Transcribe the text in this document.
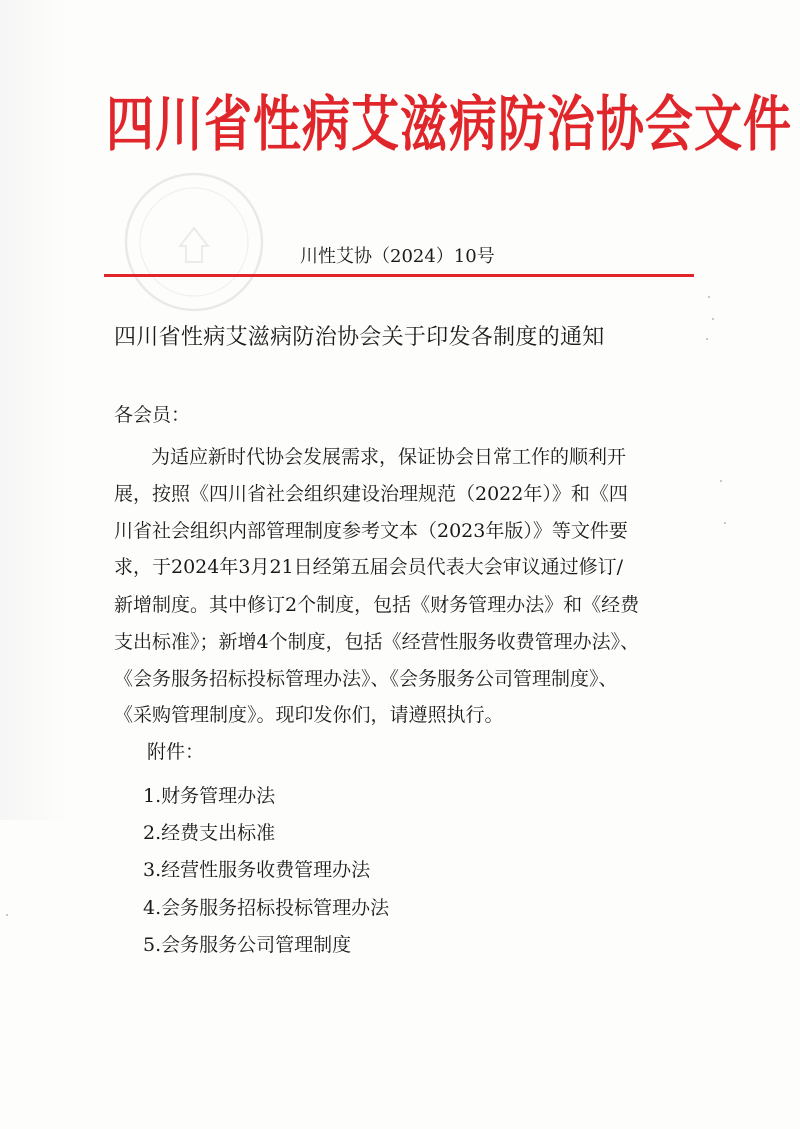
四川省性病艾滋病防治协会文件
川性艾协（2024）10号
四川省性病艾滋病防治协会关于印发各制度的通知
各会员：
为适应新时代协会发展需求，保证协会日常工作的顺利开
展，按照《四川省社会组织建设治理规范（2022年）》和《四
川省社会组织内部管理制度参考文本（2023年版）》等文件要
求，于2024年3月21日经第五届会员代表大会审议通过修订/
新增制度。其中修订2个制度，包括《财务管理办法》和《经费
支出标准》；新增4个制度，包括《经营性服务收费管理办法》、
《会务服务招标投标管理办法》、《会务服务公司管理制度》、
《采购管理制度》。现印发你们，请遵照执行。
附件：
1.财务管理办法
2.经费支出标准
3.经营性服务收费管理办法
4.会务服务招标投标管理办法
5.会务服务公司管理制度
